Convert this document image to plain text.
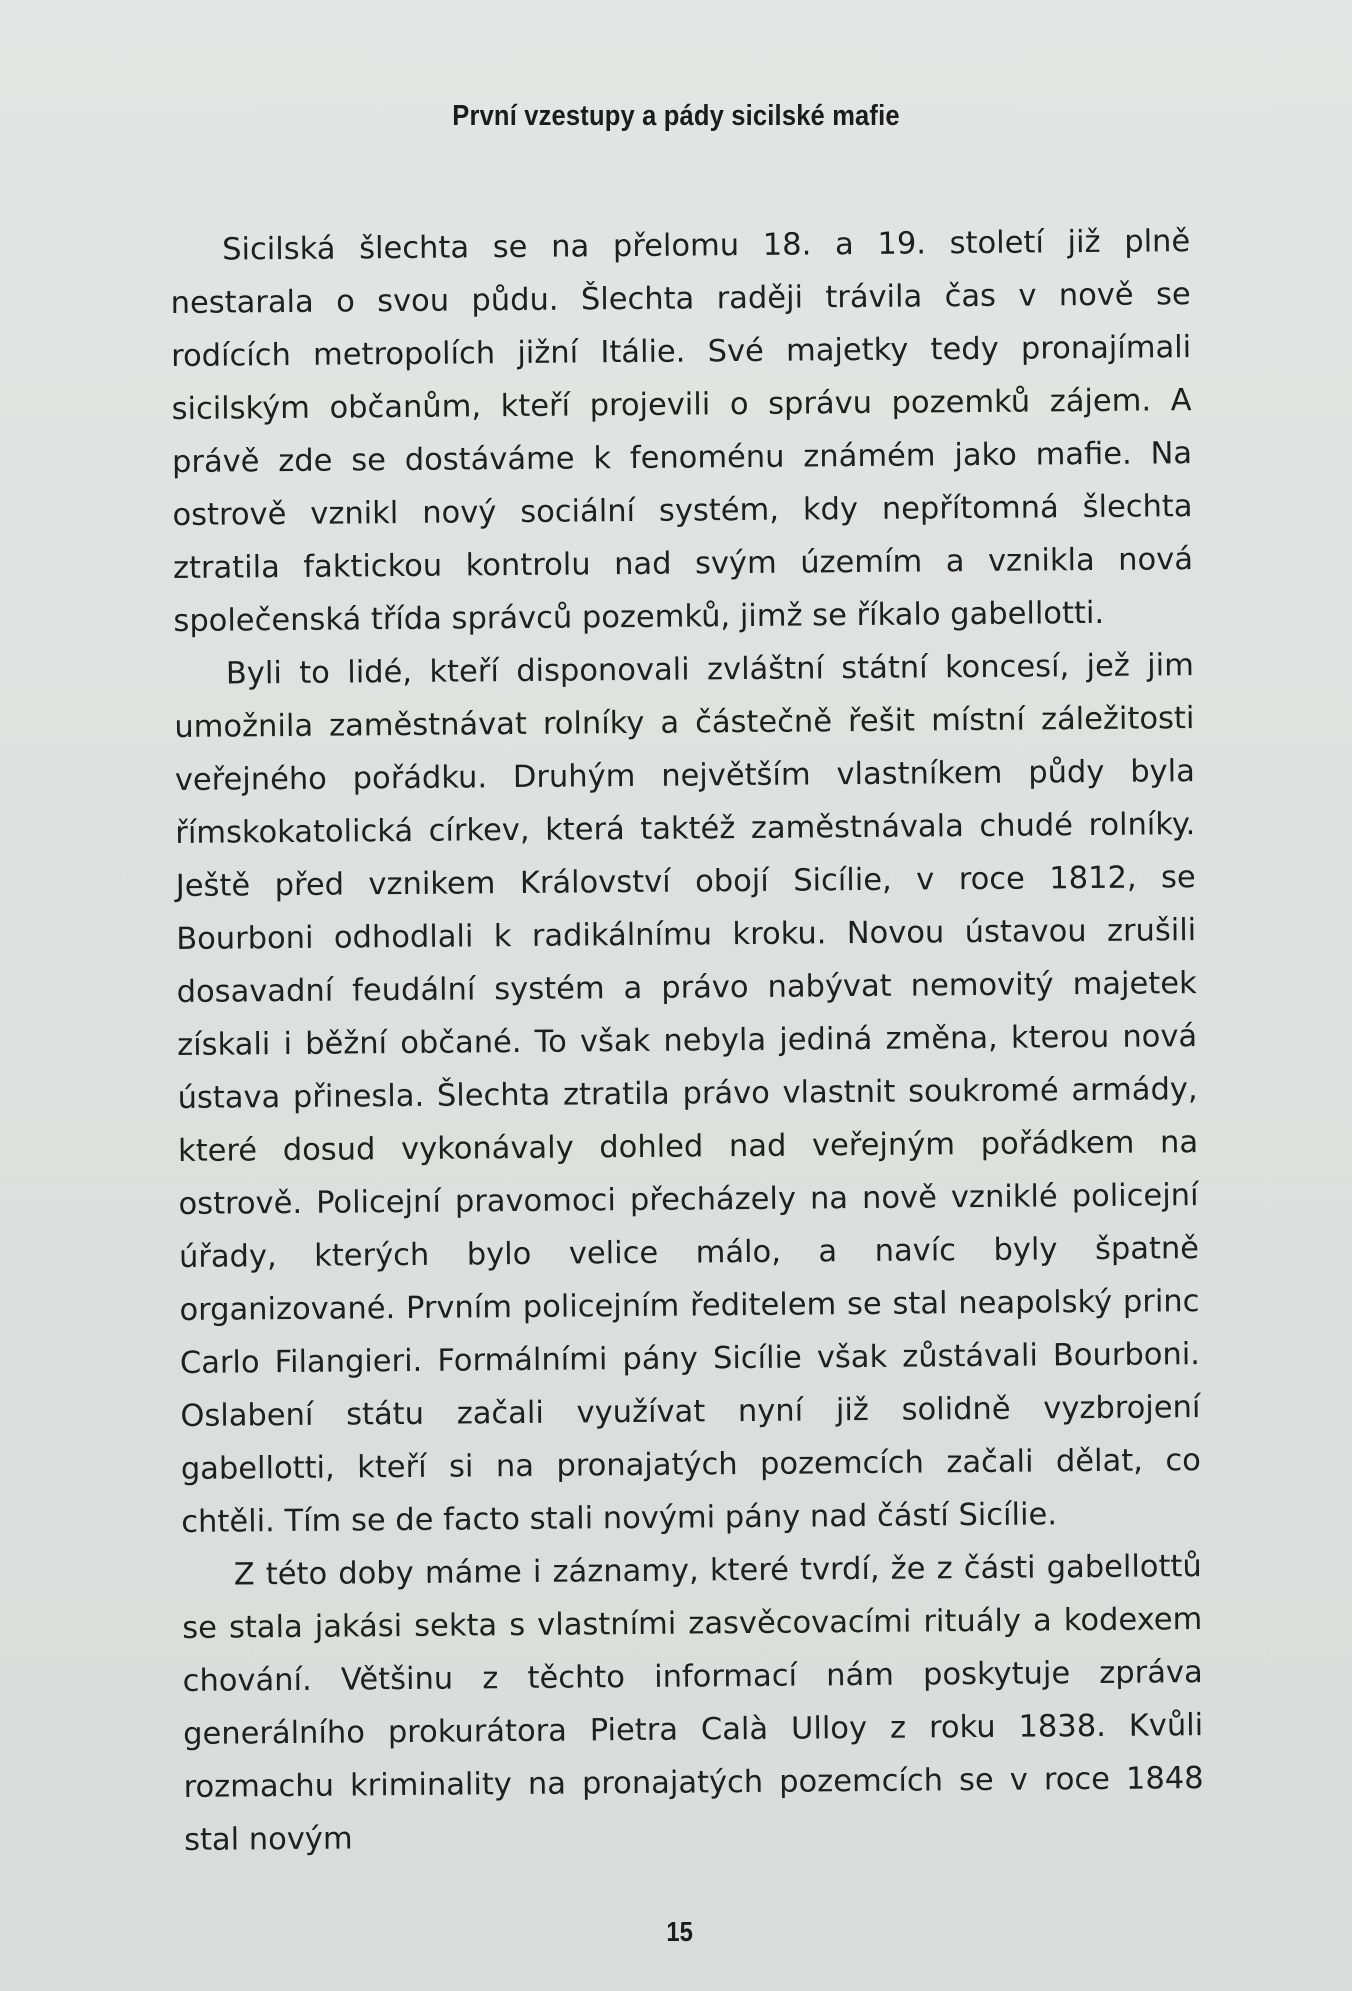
První vzestupy a pády sicilské mafie

Sicilská šlechta se na přelomu 18. a 19. století již plně nestarala o svou půdu. Šlechta raději trávila čas v nově se rodících metropolích jižní Itálie. Své majetky tedy pronajímali sicilským občanům, kteří projevili o správu pozemků zájem. A právě zde se dostáváme k fenoménu známém jako mafie. Na ostrově vznikl nový sociální systém, kdy nepřítomná šlechta ztratila faktickou kontrolu nad svým územím a vznikla nová společenská třída správců pozemků, jimž se říkalo gabellotti.

Byli to lidé, kteří disponovali zvláštní státní koncesí, jež jim umožnila zaměstnávat rolníky a částečně řešit místní záležitosti veřejného pořádku. Druhým největším vlastníkem půdy byla římskokatolická církev, která taktéž zaměstnávala chudé rolníky. Ještě před vznikem Království obojí Sicílie, v roce 1812, se Bourboni odhodlali k radikálnímu kroku. Novou ústavou zrušili dosavadní feudální systém a právo nabývat nemovitý majetek získali i běžní občané. To však nebyla jediná změna, kterou nová ústava přinesla. Šlechta ztratila právo vlastnit soukromé armády, které dosud vykonávaly dohled nad veřejným pořádkem na ostrově. Policejní pravomoci přecházely na nově vzniklé policejní úřady, kterých bylo velice málo, a navíc byly špatně organizované. Prvním policejním ředitelem se stal neapolský princ Carlo Filangieri. Formálními pány Sicílie však zůstávali Bourboni. Oslabení státu začali využívat nyní již solidně vyzbrojení gabellotti, kteří si na pronajatých pozemcích začali dělat, co chtěli. Tím se de facto stali novými pány nad částí Sicílie.

Z této doby máme i záznamy, které tvrdí, že z části gabellottů se stala jakási sekta s vlastními zasvěcovacími rituály a kodexem chování. Většinu z těchto informací nám poskytuje zpráva generálního prokurátora Pietra Calà Ulloy z roku 1838. Kvůli rozmachu kriminality na pronajatých pozemcích se v roce 1848 stal novým

15
